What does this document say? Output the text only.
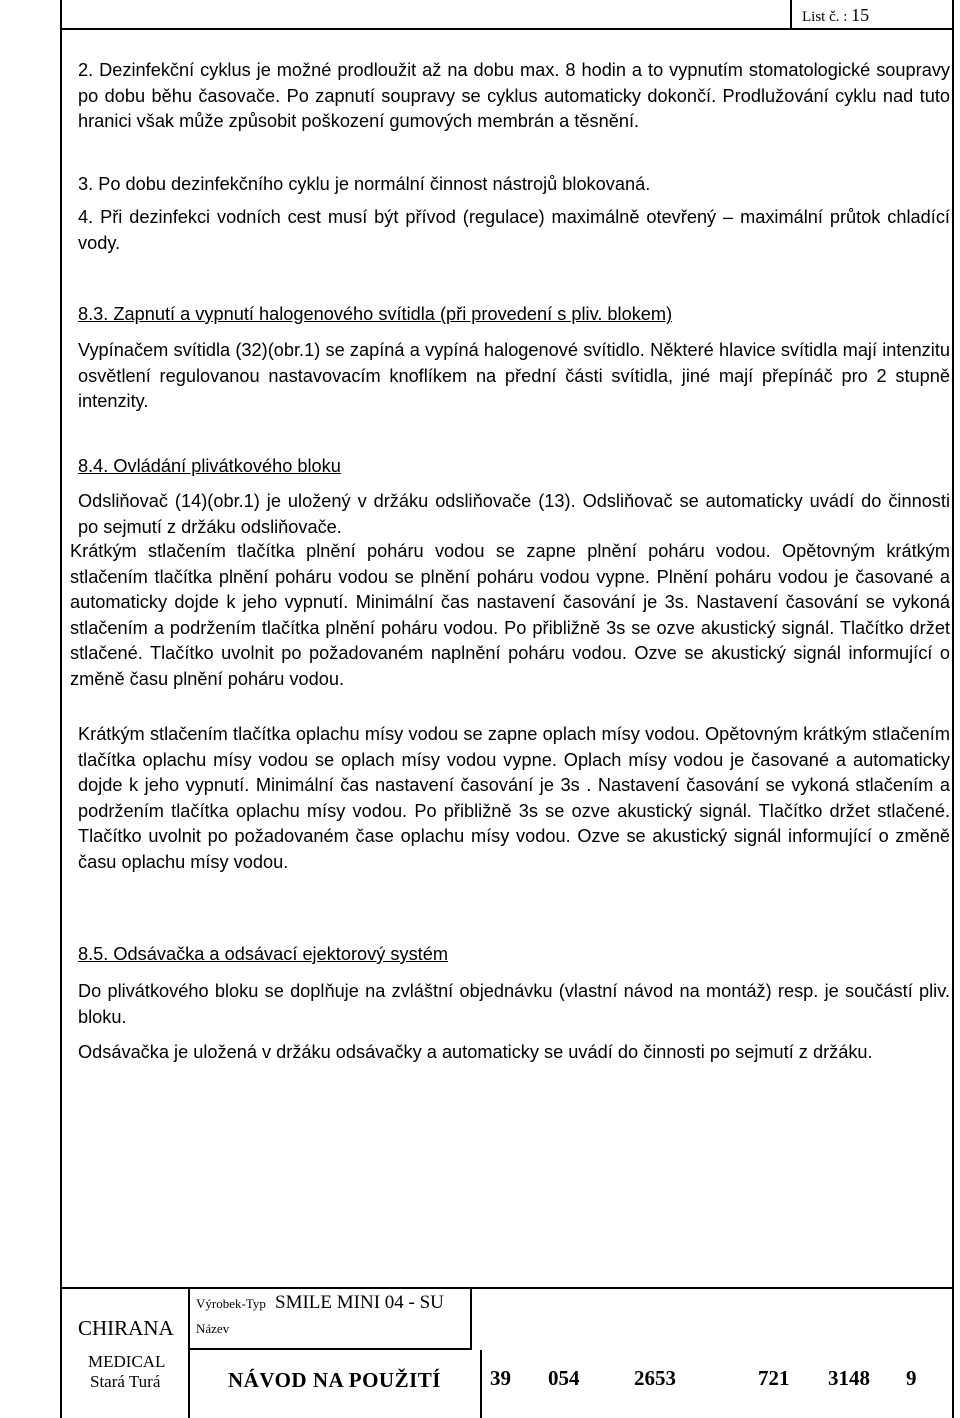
List č. : 15

2. Dezinfekční cyklus je možné prodloužit až na dobu max. 8 hodin a to vypnutím stomatologické soupravy po dobu běhu časovače. Po zapnutí soupravy se cyklus automaticky dokončí. Prodlužování cyklu nad tuto hranici však může způsobit poškození gumových membrán a těsnění.

3. Po dobu dezinfekčního cyklu je normální činnost nástrojů blokovaná.

4. Při dezinfekci vodních cest musí být přívod (regulace) maximálně otevřený – maximální průtok chladící vody.

8.3. Zapnutí a vypnutí halogenového svítidla (při provedení s pliv. blokem)

Vypínačem svítidla (32)(obr.1) se zapíná a vypíná halogenové svítidlo. Některé hlavice svítidla mají intenzitu osvětlení regulovanou nastavovacím knoflíkem na přední části svítidla, jiné mají přepínáč pro 2 stupně intenzity.

8.4. Ovládání plivátkového bloku

Odsliňovač (14)(obr.1) je uložený v držáku odsliňovače (13). Odsliňovač se automaticky uvádí do činnosti po sejmutí z držáku odsliňovače.

Krátkým stlačením tlačítka plnění poháru vodou se zapne plnění poháru vodou. Opětovným krátkým stlačením tlačítka plnění poháru vodou se plnění poháru vodou vypne. Plnění poháru vodou je časované a automaticky dojde k jeho vypnutí. Minimální čas nastavení časování je 3s. Nastavení časování se vykoná stlačením a podržením tlačítka plnění poháru vodou. Po přibližně 3s se ozve akustický signál. Tlačítko držet stlačené. Tlačítko uvolnit po požadovaném naplnění poháru vodou. Ozve se akustický signál informující o změně času plnění poháru vodou.

Krátkým stlačením tlačítka oplachu mísy vodou se zapne oplach mísy vodou. Opětovným krátkým stlačením tlačítka oplachu mísy vodou se oplach mísy vodou vypne. Oplach mísy vodou je časované a automaticky dojde k jeho vypnutí. Minimální čas nastavení časování je 3s . Nastavení časování se vykoná stlačením a podržením tlačítka oplachu mísy vodou. Po přibližně 3s se ozve akustický signál. Tlačítko držet stlačené. Tlačítko uvolnit po požadovaném čase oplachu mísy vodou. Ozve se akustický signál informující o změně času oplachu mísy vodou.

8.5. Odsávačka a odsávací ejektorový systém

Do plivátkového bloku se doplňuje na zvláštní objednávku (vlastní návod na montáž) resp. je součástí pliv. bloku.

Odsávačka je uložená v držáku odsávačky a automaticky se uvádí do činnosti po sejmutí z držáku.

CHIRANA
MEDICAL
Stará Turá
Výrobek-Typ SMILE MINI 04 - SU
Název
NÁVOD NA POUŽITÍ 39 054	2653	721 3148 9
